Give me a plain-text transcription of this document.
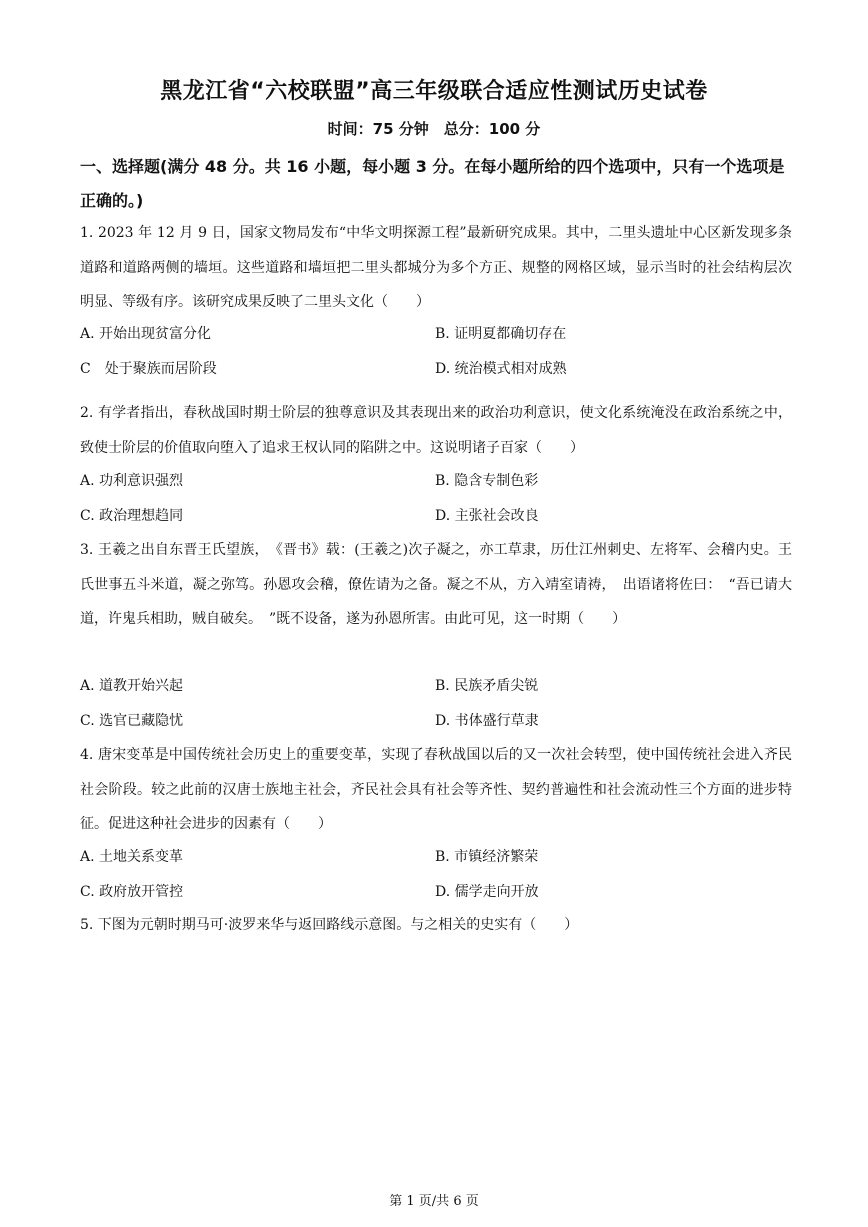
黑龙江省“六校联盟”高三年级联合适应性测试历史试卷
时间：75 分钟　总分：100 分
一、选择题(满分 48 分。共 16 小题，每小题 3 分。在每小题所给的四个选项中，只有一个选项是正确的。)
1. 2023 年 12 月 9 日，国家文物局发布“中华文明探源工程”最新研究成果。其中，二里头遗址中心区新发现多条道路和道路两侧的墙垣。这些道路和墙垣把二里头都城分为多个方正、规整的网格区域，显示当时的社会结构层次明显、等级有序。该研究成果反映了二里头文化（　　）
A. 开始出现贫富分化	B. 证明夏都确切存在
C　处于聚族而居阶段	D. 统治模式相对成熟
2. 有学者指出，春秋战国时期士阶层的独尊意识及其表现出来的政治功利意识，使文化系统淹没在政治系统之中，致使士阶层的价值取向堕入了追求王权认同的陷阱之中。这说明诸子百家（　　）
A. 功利意识强烈	B. 隐含专制色彩
C. 政治理想趋同	D. 主张社会改良
3. 王羲之出自东晋王氏望族，　《晋书》载：(王羲之)次子凝之，亦工草隶，历仕江州刺史、左将军、会稽内史。王氏世事五斗米道，凝之弥笃。孙恩攻会稽，僚佐请为之备。凝之不从，方入靖室请祷，　出语诸将佐曰：　“吾已请大道，许鬼兵相助，贼自破矣。　”既不设备，遂为孙恩所害。由此可见，这一时期（　　）
A. 道教开始兴起	B. 民族矛盾尖锐
C. 选官已藏隐忧	D. 书体盛行草隶
4. 唐宋变革是中国传统社会历史上的重要变革，实现了春秋战国以后的又一次社会转型，使中国传统社会进入齐民社会阶段。较之此前的汉唐士族地主社会，齐民社会具有社会等齐性、契约普遍性和社会流动性三个方面的进步特征。促进这种社会进步的因素有（　　）
A. 土地关系变革	B. 市镇经济繁荣
C. 政府放开管控	D. 儒学走向开放
5. 下图为元朝时期马可·波罗来华与返回路线示意图。与之相关的史实有（　　）
第 1 页/共 6 页
